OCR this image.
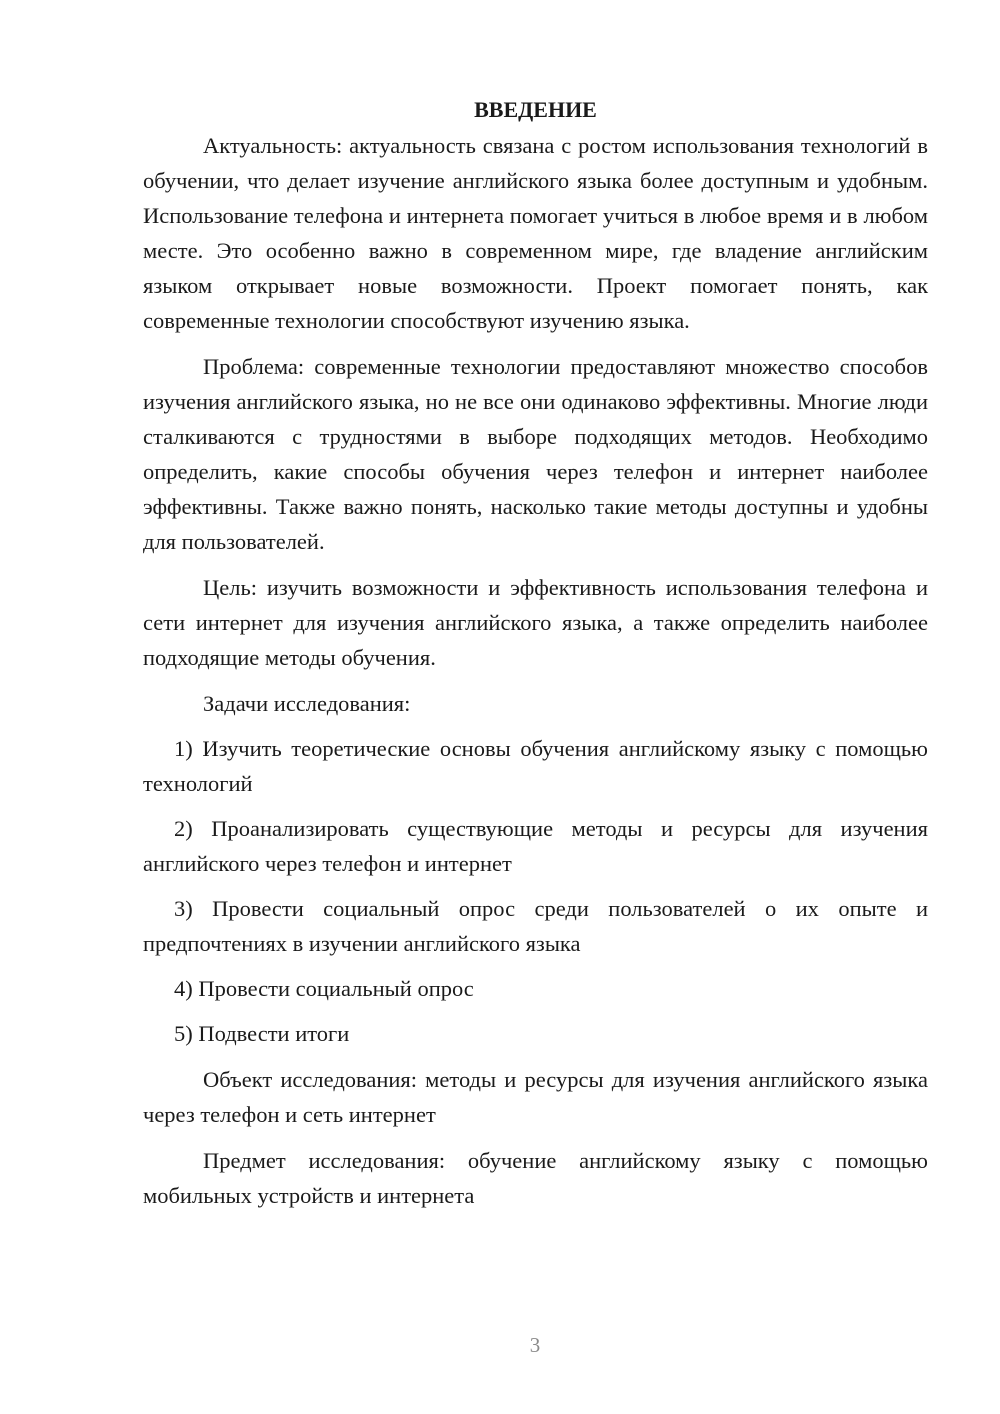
ВВЕДЕНИЕ

Актуальность: актуальность связана с ростом использования технологий в обучении, что делает изучение английского языка более доступным и удобным. Использование телефона и интернета помогает учиться в любое время и в любом месте. Это особенно важно в современном мире, где владение английским языком открывает новые возможности. Проект помогает понять, как современные технологии способствуют изучению языка.

Проблема: современные технологии предоставляют множество способов изучения английского языка, но не все они одинаково эффективны. Многие люди сталкиваются с трудностями в выборе подходящих методов. Необходимо определить, какие способы обучения через телефон и интернет наиболее эффективны. Также важно понять, насколько такие методы доступны и удобны для пользователей.

Цель: изучить возможности и эффективность использования телефона и сети интернет для изучения английского языка, а также определить наиболее подходящие методы обучения.

Задачи исследования:

1) Изучить теоретические основы обучения английскому языку с помощью технологий

2) Проанализировать существующие методы и ресурсы для изучения английского через телефон и интернет

3) Провести социальный опрос среди пользователей о их опыте и предпочтениях в изучении английского языка

4) Провести социальный опрос

5) Подвести итоги

Объект исследования: методы и ресурсы для изучения английского языка через телефон и сеть интернет

Предмет исследования: обучение английскому языку с помощью мобильных устройств и интернета

3
